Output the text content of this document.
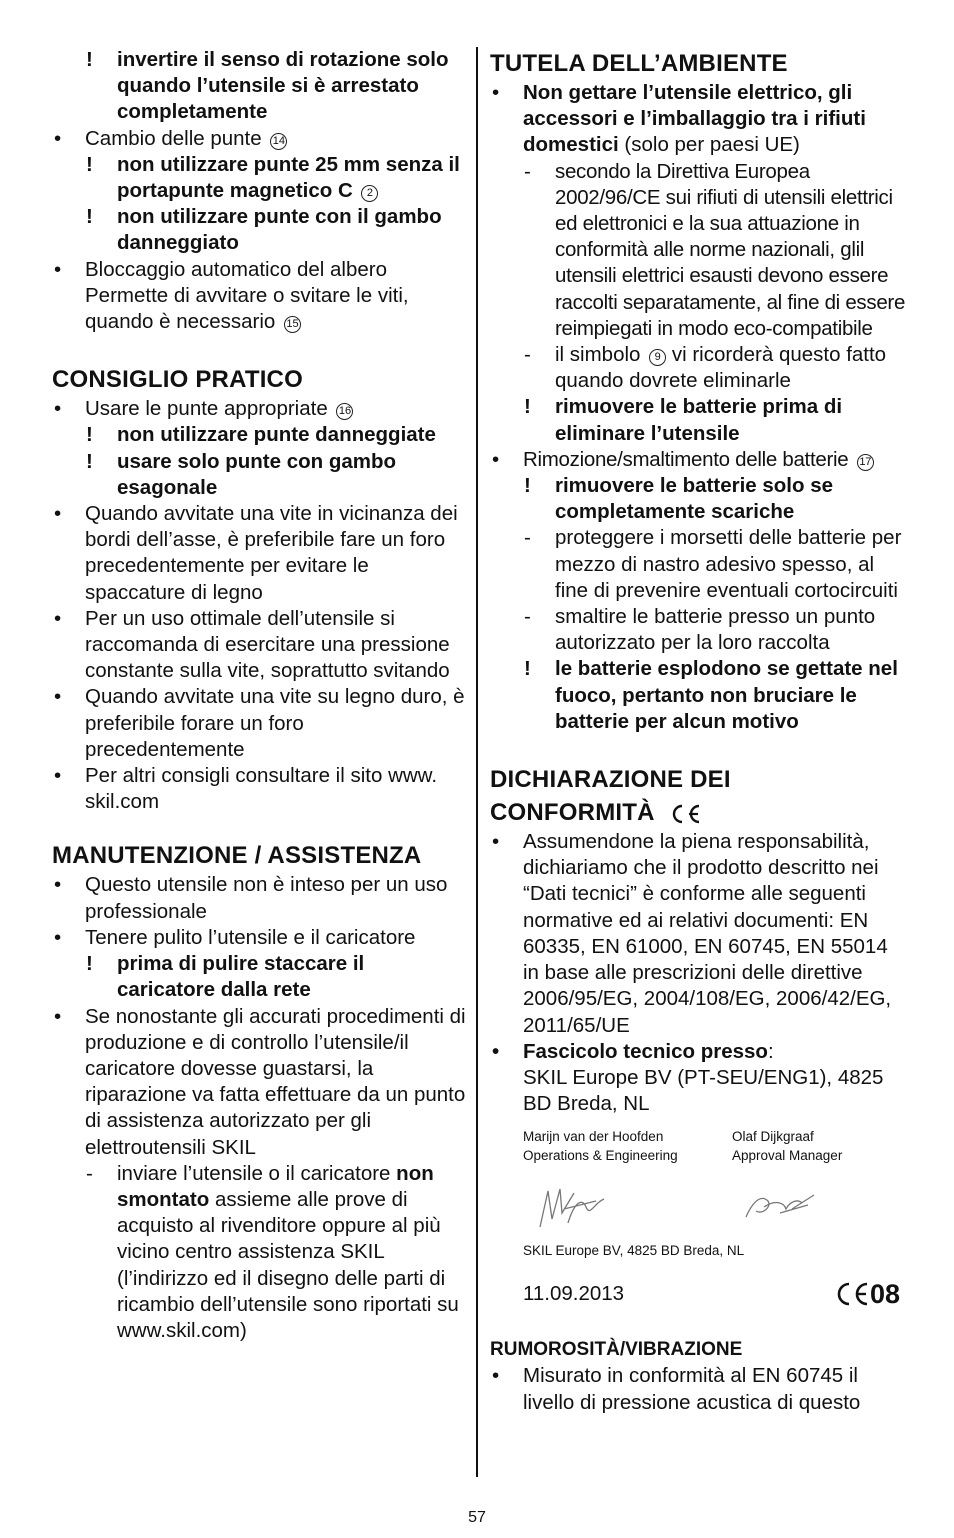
! invertire il senso di rotazione solo quando l’utensile si è arrestato completamente
• Cambio delle punte 14
! non utilizzare punte 25 mm senza il portapunte magnetico C 2
! non utilizzare punte con il gambo danneggiato
• Bloccaggio automatico del albero Permette di avvitare o svitare le viti, quando è necessario 15
CONSIGLIO PRATICO
• Usare le punte appropriate 16
! non utilizzare punte danneggiate
! usare solo punte con gambo esagonale
• Quando avvitate una vite in vicinanza dei bordi dell’asse, è preferibile fare un foro precedentemente per evitare le spaccature di legno
• Per un uso ottimale dell’utensile si raccomanda di esercitare una pressione constante sulla vite, soprattutto svitando
• Quando avvitate una vite su legno duro, è preferibile forare un foro precedentemente
• Per altri consigli consultare il sito www. skil.com
MANUTENZIONE / ASSISTENZA
• Questo utensile non è inteso per un uso professionale
• Tenere pulito l’utensile e il caricatore
! prima di pulire staccare il caricatore dalla rete
• Se nonostante gli accurati procedimenti di produzione e di controllo l’utensile/il caricatore dovesse guastarsi, la riparazione va fatta effettuare da un punto di assistenza autorizzato per gli elettroutensili SKIL
- inviare l’utensile o il caricatore non smontato assieme alle prove di acquisto al rivenditore oppure al più vicino centro assistenza SKIL (l’indirizzo ed il disegno delle parti di ricambio dell’utensile sono riportati su www.skil.com)
TUTELA DELL’AMBIENTE
• Non gettare l’utensile elettrico, gli accessori e l’imballaggio tra i rifiuti domestici (solo per paesi UE)
- secondo la Direttiva Europea 2002/96/CE sui rifiuti di utensili elettrici ed elettronici e la sua attuazione in conformità alle norme nazionali, glil utensili elettrici esausti devono essere raccolti separatamente, al fine di essere reimpiegati in modo eco-compatibile
- il simbolo 9 vi ricorderà questo fatto quando dovrete eliminarle
! rimuovere le batterie prima di eliminare l’utensile
• Rimozione/smaltimento delle batterie 17
! rimuovere le batterie solo se completamente scariche
- proteggere i morsetti delle batterie per mezzo di nastro adesivo spesso, al fine di prevenire eventuali cortocircuiti
- smaltire le batterie presso un punto autorizzato per la loro raccolta
! le batterie esplodono se gettate nel fuoco, pertanto non bruciare le batterie per alcun motivo
DICHIARAZIONE DEI
CONFORMITÀ
• Assumendone la piena responsabilità, dichiariamo che il prodotto descritto nei “Dati tecnici” è conforme alle seguenti normative ed ai relativi documenti: EN 60335, EN 61000, EN 60745, EN 55014 in base alle prescrizioni delle direttive 2006/95/EG, 2004/108/EG, 2006/42/EG, 2011/65/UE
• Fascicolo tecnico presso:
SKIL Europe BV (PT-SEU/ENG1), 4825 BD Breda, NL
Marijn van der Hoofden
Operations & Engineering
Olaf Dijkgraaf
Approval Manager
SKIL Europe BV, 4825 BD Breda, NL
11.09.2013	08
RUMOROSITÀ/VIBRAZIONE
• Misurato in conformità al EN 60745 il livello di pressione acustica di questo
57
